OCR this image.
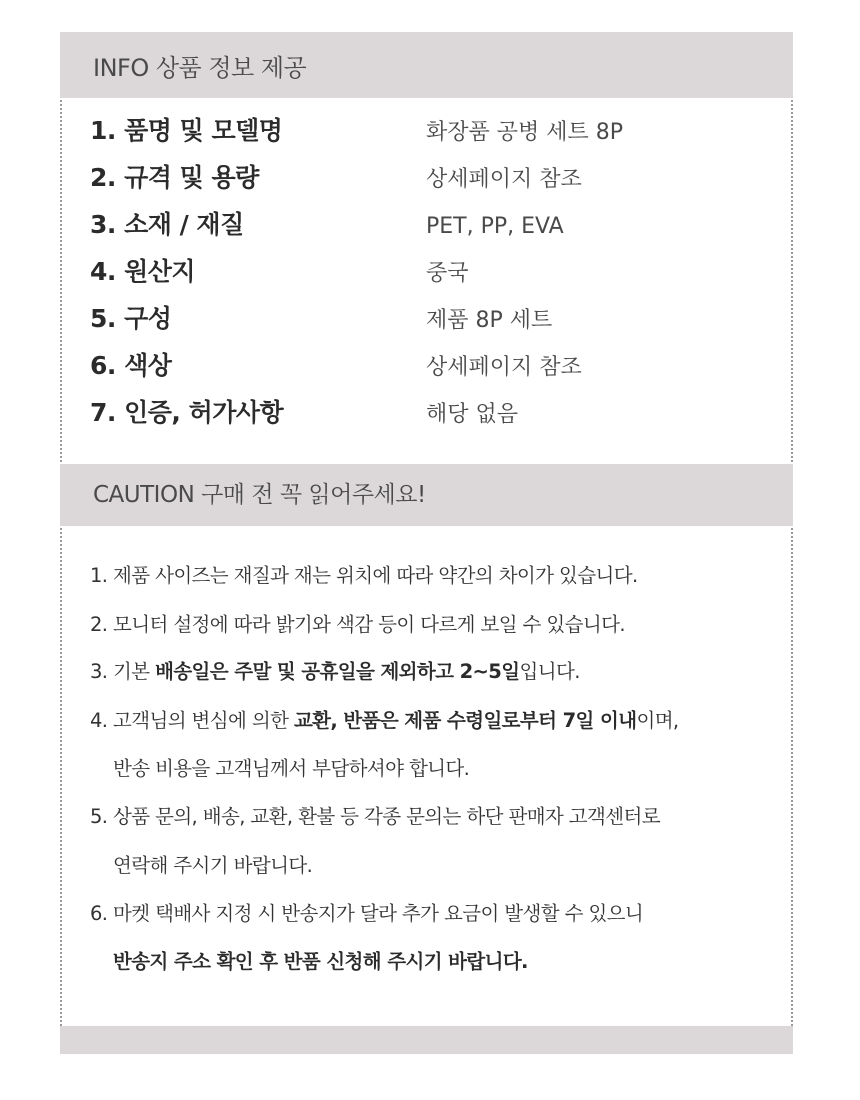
INFO 상품 정보 제공
1. 품명 및 모델명	화장품 공병 세트 8P
2. 규격 및 용량	상세페이지 참조
3. 소재 / 재질	PET, PP, EVA
4. 원산지	중국
5. 구성	제품 8P 세트
6. 색상	상세페이지 참조
7. 인증, 허가사항	해당 없음
CAUTION 구매 전 꼭 읽어주세요!
1. 제품 사이즈는 재질과 재는 위치에 따라 약간의 차이가 있습니다.
2. 모니터 설정에 따라 밝기와 색감 등이 다르게 보일 수 있습니다.
3. 기본 배송일은 주말 및 공휴일을 제외하고 2~5일입니다.
4. 고객님의 변심에 의한 교환, 반품은 제품 수령일로부터 7일 이내이며,
반송 비용을 고객님께서 부담하셔야 합니다.
5. 상품 문의, 배송, 교환, 환불 등 각종 문의는 하단 판매자 고객센터로
연락해 주시기 바랍니다.
6. 마켓 택배사 지정 시 반송지가 달라 추가 요금이 발생할 수 있으니
반송지 주소 확인 후 반품 신청해 주시기 바랍니다.
